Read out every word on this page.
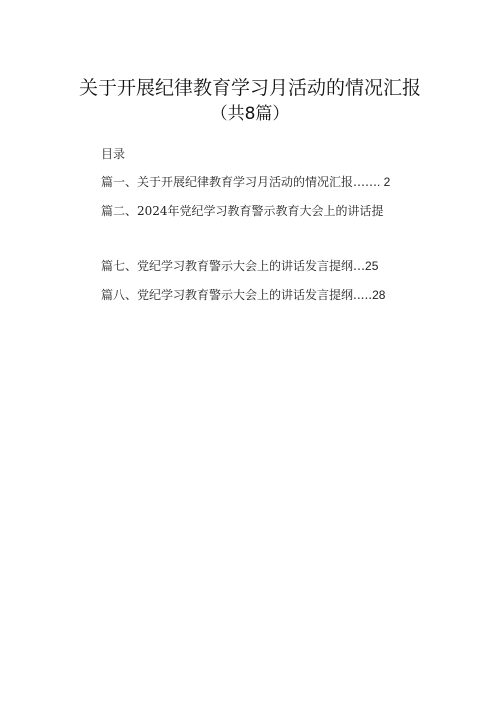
关于开展纪律教育学习月活动的情况汇报
（共8篇）
目录
篇一、关于开展纪律教育学习月活动的情况汇报……. 2
篇二、2024年党纪学习教育警示教育大会上的讲话提
篇七、党纪学习教育警示大会上的讲话发言提纲…25
篇八、党纪学习教育警示大会上的讲话发言提纲.....28
